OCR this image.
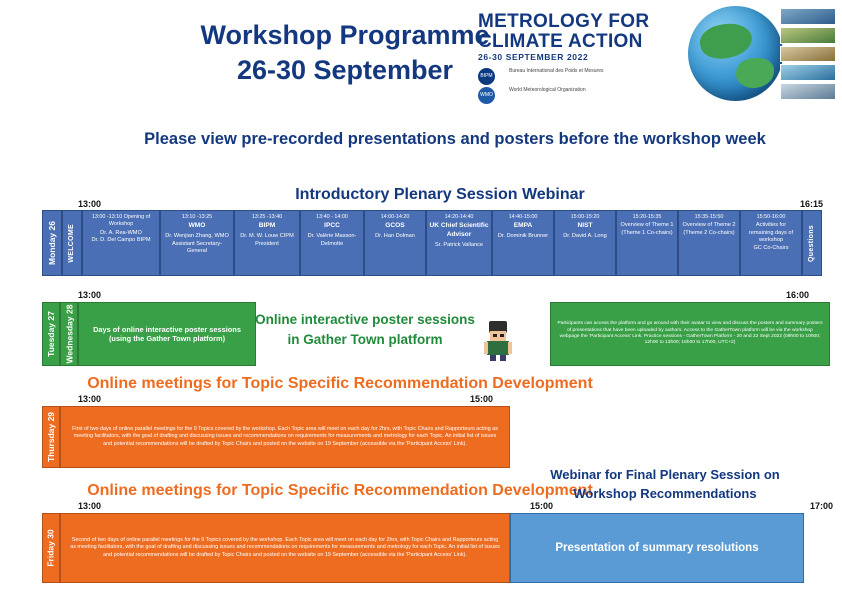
Workshop Programme
26-30 September
METROLOGY FOR
CLIMATE ACTION
26-30 SEPTEMBER 2022
BIPM
Bureau International des Poids et Mesures
WMO
World Meteorological Organization
Please view pre-recorded presentations and posters before the workshop week
Introductory Plenary Session Webinar
13:00	16:15
Monday 26 WELCOME
13:00 -13:10 Opening of Workshop
Dr. A. Rea-WMO
Dr. D. Del Campo BIPM
13:10 -13:25
WMO
Dr. Wenjian Zhang, WMO Assistant Secretary-General
13:25 -13:40
BIPM
Dr. M. W. Louw CIPM President
13:40 - 14:00
IPCC
Dr. Valérie Masson-Delmotte
14:00-14:20
GCOS
Dr. Han Dolman
14:20-14:40
UK Chief Scientific Advisor
Sr. Patrick Vallance
14:40-15:00
EMPA
Dr. Dominik Brunner
15:00-15:20
NIST
Dr. David A. Long
15:20-15:35
Overview of Theme 1 (Theme 1 Co-chairs)
15:35-15:50
Overview of Theme 2 (Theme 2 Co-chairs)
15:50-16:00
Activities for remaining days of workshop
GC Co-Chairs	Questions
13:00	16:00
Tuesday 27 Wednesday 28	Days of online interactive poster sessions (using the Gather Town platform)
Participants can access the platform and go around with their avatar to view and discuss the posters and summary posters of presentations that have been uploaded by authors. Access to the GatherTown platform will be via the workshop webpage the 'Participant Access' Link. Practice sessions - GatherTown Platform - 20 and 22 Sept 2022 (09h00 to 10h00; 12h00 to 13h00; 16h00 to 17h00, UTC+2)
Online interactive poster sessions
in Gather Town platform
Online meetings for Topic Specific Recommendation Development
13:00	15:00
Thursday 29	First of two days of online parallel meetings for the 9 Topics covered by the workshop. Each Topic area will meet on each day for 2hrs, with Topic Chairs and Rapporteurs acting as meeting facilitators, with the goal of drafting and discussing issues and recommendations on requirements for measurements and metrology for each Topic. An initial list of issues and potential recommendations will be drafted by Topic Chairs and posted on the website on 19 September (accessible via the 'Participant Access' Link).
Online meetings for Topic Specific Recommendation Development
Webinar for Final Plenary Session on
Workshop Recommendations
13:00	15:00	17:00
Friday 30	Second of two days of online parallel meetings for the 9 Topics covered by the workshop. Each Topic area will meet on each day for 2hrs, with Topic Chairs and Rapporteurs acting as meeting facilitators, with the goal of drafting and discussing issues and recommendations on requirements for measurements and metrology for each Topic. An initial list of issues and potential recommendations will be drafted by Topic Chairs and posted on the website on 19 September (accessible via the 'Participant Access' Link).
Presentation of summary resolutions
